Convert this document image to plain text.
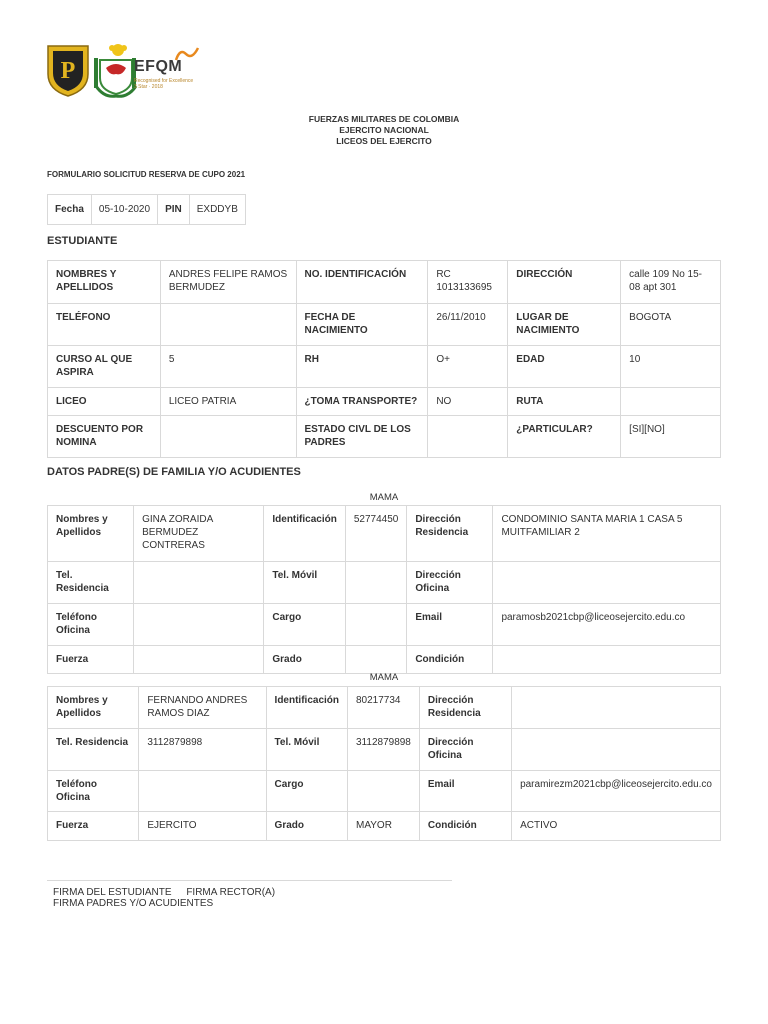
P	EFQM
Recognised for Excellence
3 Star · 2018
FUERZAS MILITARES DE COLOMBIA
EJERCITO NACIONAL
LICEOS DEL EJERCITO
FORMULARIO SOLICITUD RESERVA DE CUPO 2021
Fecha	05-10-2020	PIN	EXDDYB
ESTUDIANTE
NOMBRES Y APELLIDOS	ANDRES FELIPE RAMOS BERMUDEZ	NO. IDENTIFICACIÓN	RC 1013133695	DIRECCIÓN	calle 109 No 15-08 apt 301
TELÉFONO		FECHA DE NACIMIENTO	26/11/2010	LUGAR DE NACIMIENTO	BOGOTA
CURSO AL QUE ASPIRA	5	RH	O+	EDAD	10
LICEO	LICEO PATRIA	¿TOMA TRANSPORTE?	NO	RUTA	
DESCUENTO POR NOMINA		ESTADO CIVL DE LOS PADRES		¿PARTICULAR?	[SI][NO]
DATOS PADRE(S) DE FAMILIA Y/O ACUDIENTES
MAMA
Nombres y Apellidos	GINA ZORAIDA BERMUDEZ CONTRERAS	Identificación	52774450	Dirección Residencia	CONDOMINIO SANTA MARIA 1 CASA 5 MUITFAMILIAR 2
Tel. Residencia		Tel. Móvil		Dirección Oficina	
Teléfono Oficina		Cargo		Email	paramosb2021cbp@liceosejercito.edu.co
Fuerza		Grado		Condición	
MAMA
Nombres y Apellidos	FERNANDO ANDRES RAMOS DIAZ	Identificación	80217734	Dirección Residencia	
Tel. Residencia	3112879898	Tel. Móvil	3112879898	Dirección Oficina	
Teléfono Oficina		Cargo		Email	paramirezm2021cbp@liceosejercito.edu.co
Fuerza	EJERCITO	Grado	MAYOR	Condición	ACTIVO
FIRMA DEL ESTUDIANTE FIRMA RECTOR(A) FIRMA PADRES Y/O ACUDIENTES
